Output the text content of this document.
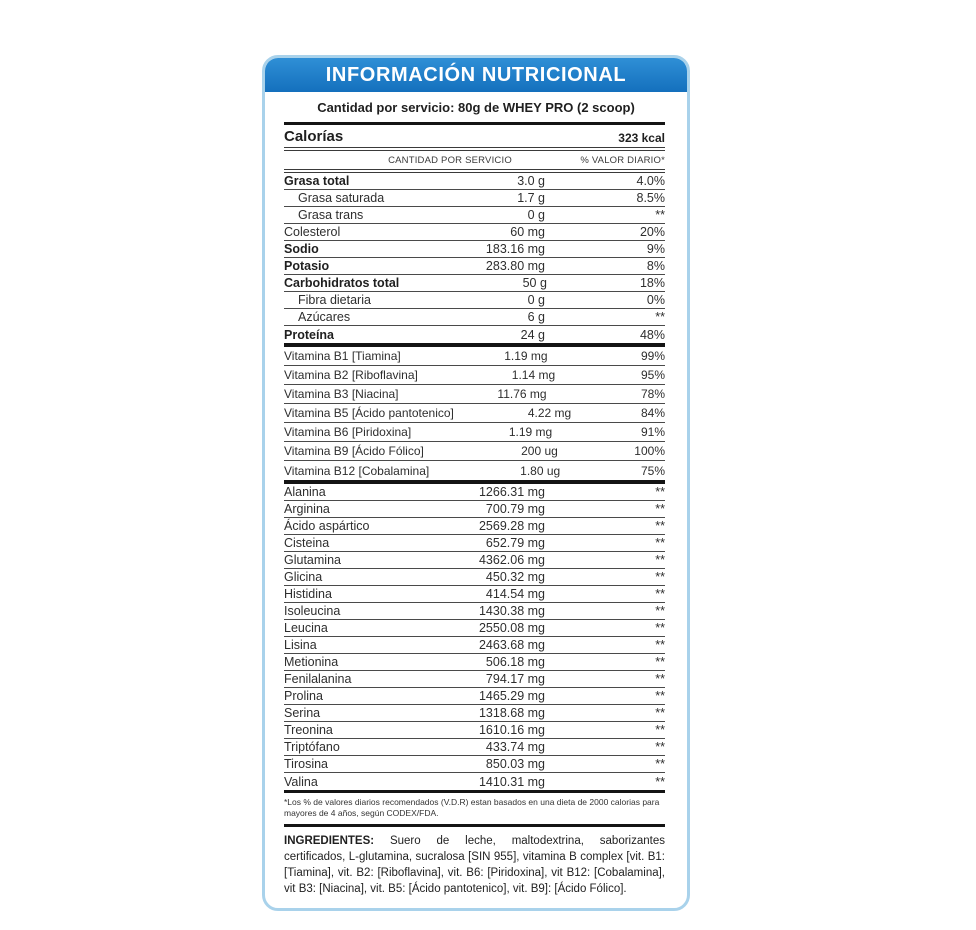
INFORMACIÓN NUTRICIONAL
Cantidad por servicio: 80g de WHEY PRO (2 scoop)
Calorías	323 kcal
CANTIDAD POR SERVICIO	% VALOR DIARIO*
Grasa total	3.0 g	4.0%
Grasa saturada	1.7 g	8.5%
Grasa trans	0 g	**
Colesterol	60 mg	20%
Sodio	183.16 mg	9%
Potasio	283.80 mg	8%
Carbohidratos total	50 g	18%
Fibra dietaria	0 g	0%
Azúcares	6 g	**
Proteína	24 g	48%
Vitamina B1 [Tiamina]	1.19 mg	99%
Vitamina B2 [Riboflavina]	1.14 mg	95%
Vitamina B3 [Niacina]	11.76 mg	78%
Vitamina B5 [Ácido pantotenico]	4.22 mg	84%
Vitamina B6 [Piridoxina]	1.19 mg	91%
Vitamina B9 [Ácido Fólico]	200 ug	100%
Vitamina B12 [Cobalamina]	1.80 ug	75%
Alanina	1266.31 mg	**
Arginina	700.79 mg	**
Ácido aspártico	2569.28 mg	**
Cisteina	652.79 mg	**
Glutamina	4362.06 mg	**
Glicina	450.32 mg	**
Histidina	414.54 mg	**
Isoleucina	1430.38 mg	**
Leucina	2550.08 mg	**
Lisina	2463.68 mg	**
Metionina	506.18 mg	**
Fenilalanina	794.17 mg	**
Prolina	1465.29 mg	**
Serina	1318.68 mg	**
Treonina	1610.16 mg	**
Triptófano	433.74 mg	**
Tirosina	850.03 mg	**
Valina	1410.31 mg	**
*Los % de valores diarios recomendados (V.D.R) estan basados en una dieta de 2000 calorias para mayores de 4 años, según CODEX/FDA.

INGREDIENTES: Suero de leche, maltodextrina, saborizantes certificados, L-glutamina, sucralosa [SIN 955], vitamina B complex [vit. B1: [Tiamina], vit. B2: [Riboflavina], vit. B6: [Piridoxina], vit B12: [Cobalamina], vit B3: [Niacina], vit. B5: [Ácido pantotenico], vit. B9]: [Ácido Fólico].
